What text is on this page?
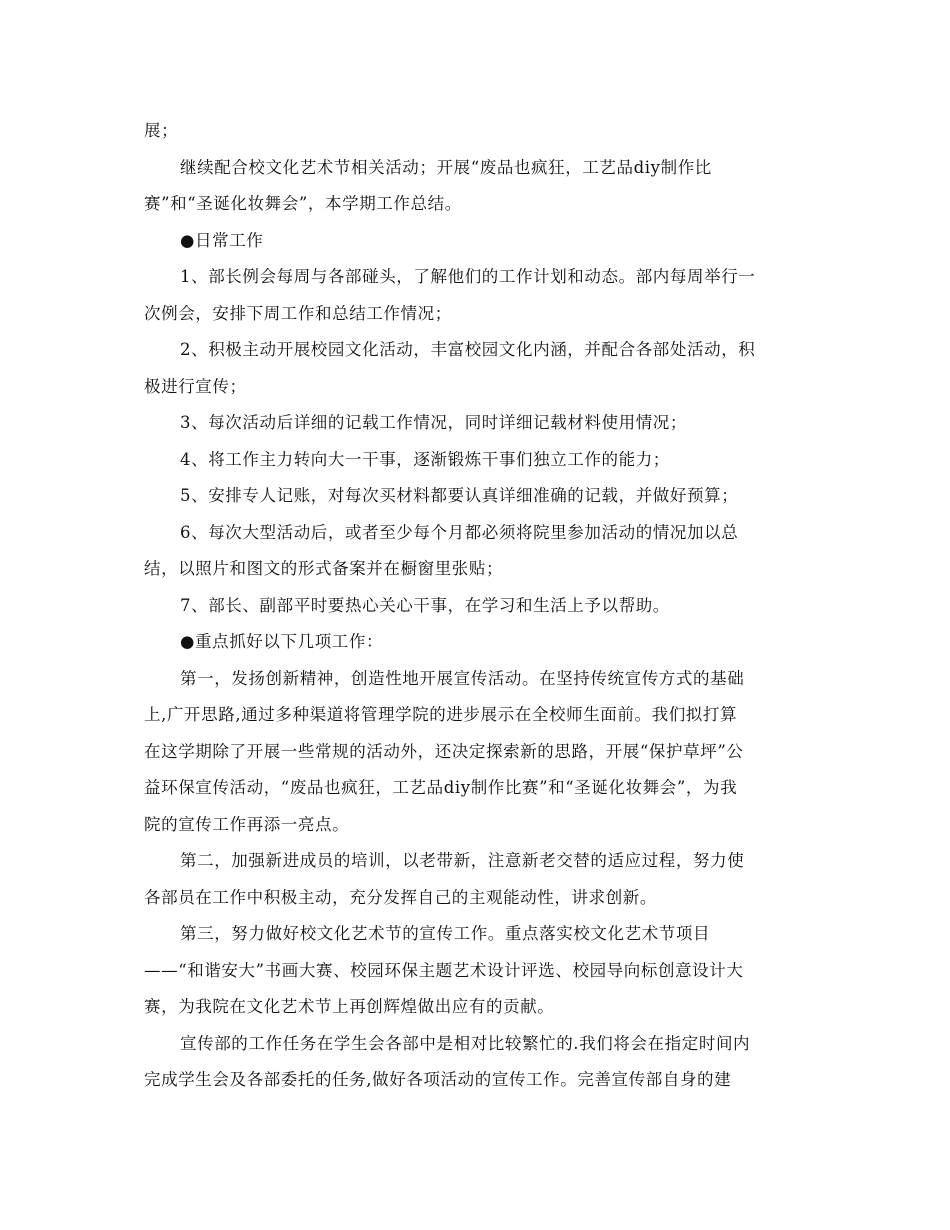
展；

继续配合校文化艺术节相关活动；开展“废品也疯狂，工艺品diy制作比

赛”和“圣诞化妆舞会”，本学期工作总结。

●日常工作

1、部长例会每周与各部碰头，了解他们的工作计划和动态。部内每周举行一

次例会，安排下周工作和总结工作情况；

2、积极主动开展校园文化活动，丰富校园文化内涵，并配合各部处活动，积

极进行宣传；

3、每次活动后详细的记载工作情况，同时详细记载材料使用情况；

4、将工作主力转向大一干事，逐渐锻炼干事们独立工作的能力；

5、安排专人记账，对每次买材料都要认真详细准确的记载，并做好预算；

6、每次大型活动后，或者至少每个月都必须将院里参加活动的情况加以总

结，以照片和图文的形式备案并在橱窗里张贴；

7、部长、副部平时要热心关心干事，在学习和生活上予以帮助。

●重点抓好以下几项工作：

第一，发扬创新精神，创造性地开展宣传活动。在坚持传统宣传方式的基础

上,广开思路,通过多种渠道将管理学院的进步展示在全校师生面前。我们拟打算

在这学期除了开展一些常规的活动外，还决定探索新的思路，开展“保护草坪”公

益环保宣传活动，“废品也疯狂，工艺品diy制作比赛”和“圣诞化妆舞会”，为我

院的宣传工作再添一亮点。

第二，加强新进成员的培训，以老带新，注意新老交替的适应过程，努力使

各部员在工作中积极主动，充分发挥自己的主观能动性，讲求创新。

第三，努力做好校文化艺术节的宣传工作。重点落实校文化艺术节项目

——“和谐安大”书画大赛、校园环保主题艺术设计评选、校园导向标创意设计大

赛，为我院在文化艺术节上再创辉煌做出应有的贡献。

宣传部的工作任务在学生会各部中是相对比较繁忙的.我们将会在指定时间内

完成学生会及各部委托的任务,做好各项活动的宣传工作。完善宣传部自身的建
